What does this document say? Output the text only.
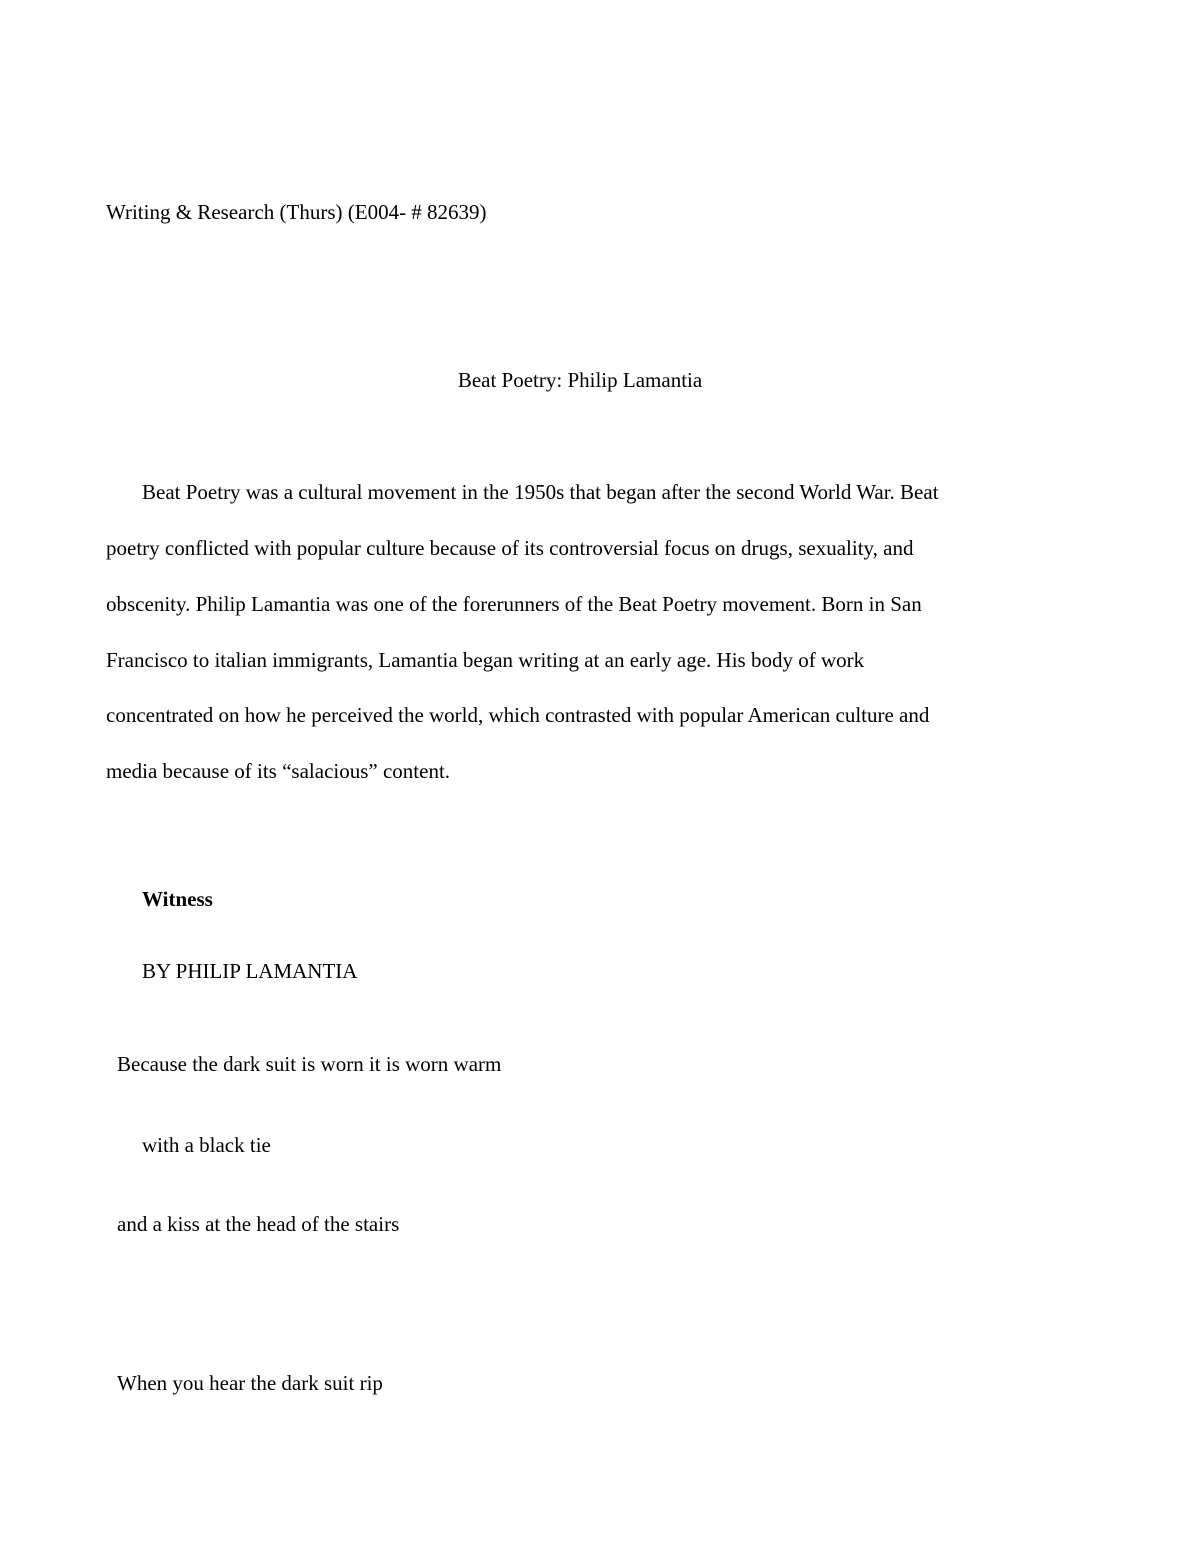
Writing & Research (Thurs) (E004- # 82639)
Beat Poetry: Philip Lamantia
Beat Poetry was a cultural movement in the 1950s that began after the second World War. Beat
poetry conflicted with popular culture because of its controversial focus on drugs, sexuality, and
obscenity. Philip Lamantia was one of the forerunners of the Beat Poetry movement. Born in San
Francisco to italian immigrants, Lamantia began writing at an early age. His body of work
concentrated on how he perceived the world, which contrasted with popular American culture and
media because of its “salacious” content.
Witness
BY PHILIP LAMANTIA
Because the dark suit is worn it is worn warm
with a black tie
and a kiss at the head of the stairs
When you hear the dark suit rip
